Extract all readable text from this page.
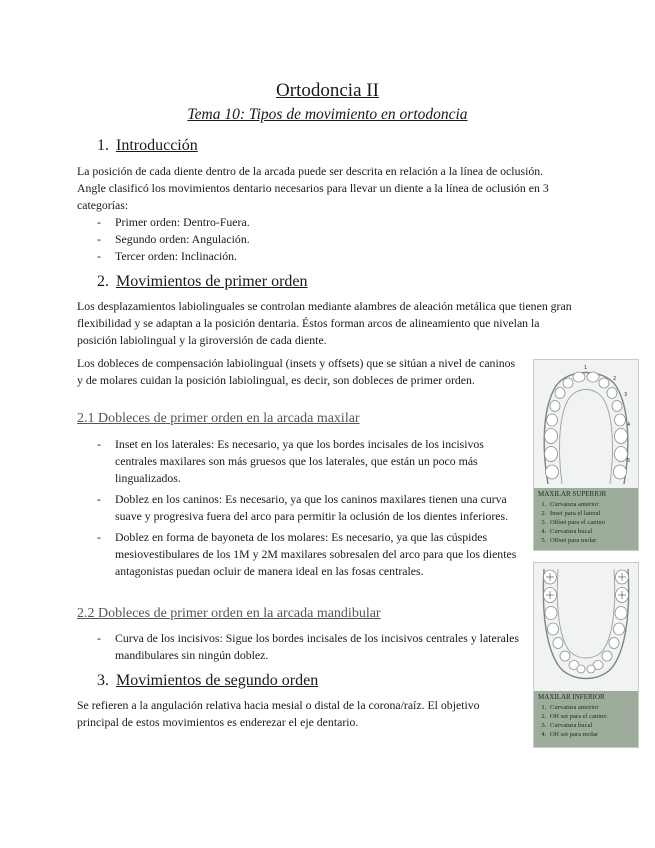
Ortodoncia II
Tema 10: Tipos de movimiento en ortodoncia
1. Introducción

La posición de cada diente dentro de la arcada puede ser descrita en relación a la línea de oclusión. Angle clasificó los movimientos dentario necesarios para llevar un diente a la línea de oclusión en 3 categorías:

- Primer orden: Dentro-Fuera.
- Segundo orden: Angulación.
- Tercer orden: Inclinación.
2. Movimientos de primer orden

Los desplazamientos labiolinguales se controlan mediante alambres de aleación metálica que tienen gran flexibilidad y se adaptan a la posición dentaria. Éstos forman arcos de alineamiento que nivelan la posición labiolingual y la giroversión de cada diente.

Los dobleces de compensación labiolingual (insets y offsets) que se sitúan a nivel de caninos y de molares cuidan la posición labiolingual, es decir, son dobleces de primer orden.

2.1 Dobleces de primer orden en la arcada maxilar
- Inset en los laterales: Es necesario, ya que los bordes incisales de los incisivos centrales maxilares son más gruesos que los laterales, que están un poco más lingualizados.
- Doblez en los caninos: Es necesario, ya que los caninos maxilares tienen una curva suave y progresiva fuera del arco para permitir la oclusión de los dientes inferiores.
- Doblez en forma de bayoneta de los molares: Es necesario, ya que las cúspides mesiovestibulares de los 1M y 2M maxilares sobresalen del arco para que los dientes antagonistas puedan ocluir de manera ideal en las fosas centrales.
2.2 Dobleces de primer orden en la arcada mandibular
- Curva de los incisivos: Sigue los bordes incisales de los incisivos centrales y laterales mandibulares sin ningún doblez.
3. Movimientos de segundo orden

Se refieren a la angulación relativa hacia mesial o distal de la corona/raíz. El objetivo principal de estos movimientos es enderezar el eje dentario.

1
2
3
4
5
MAXILAR SUPERIOR
1. Curvatura anterior
2. Inset para el lateral
3. Offset para el canino
4. Curvatura bucal
5. Offset para molar
MAXILAR INFERIOR
1. Curvatura anterior
2. Off set para el canino
3. Curvatura bucal
4. Off set para molar
